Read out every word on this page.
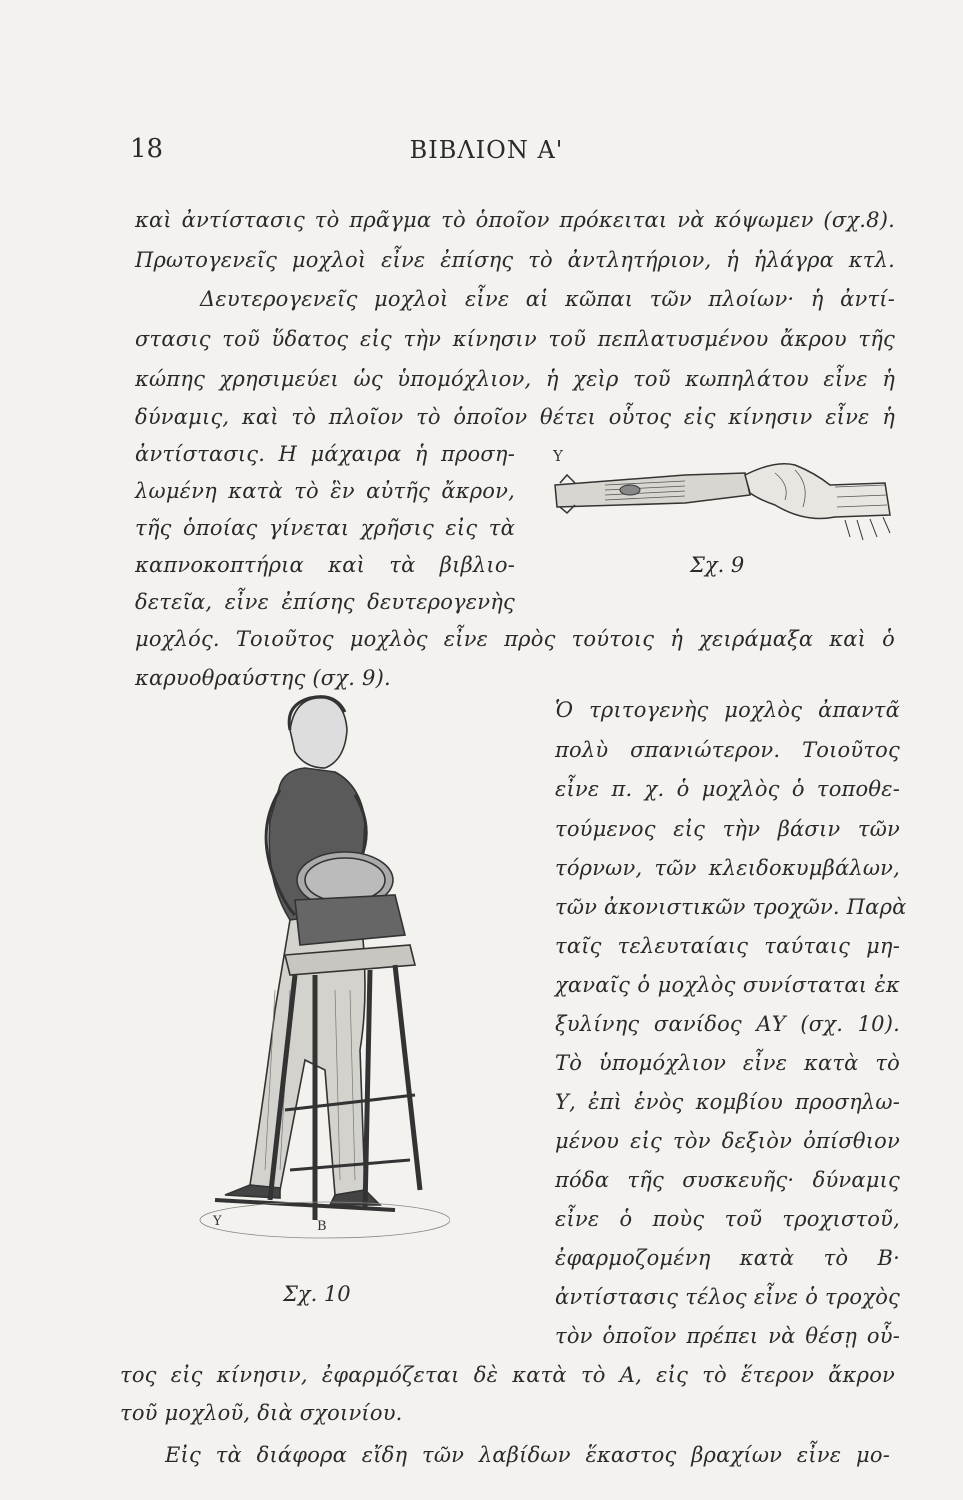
18	ΒΙΒΛΙΟΝ Α'
καὶ ἀντίστασις τὸ πρᾶγμα τὸ ὁποῖον πρόκειται νὰ κόψωμεν (σχ.8).
Πρωτογενεῖς μοχλοὶ εἶνε ἐπίσης τὸ ἀντλητήριον, ἡ ἡλάγρα κτλ.
Δευτερογενεῖς μοχλοὶ εἶνε αἱ κῶπαι τῶν πλοίων· ἡ ἀντί-
στασις τοῦ ὕδατος εἰς τὴν κίνησιν τοῦ πεπλατυσμένου ἄκρου τῆς
κώπης χρησιμεύει ὡς ὑπομόχλιον, ἡ χεὶρ τοῦ κωπηλάτου εἶνε ἡ
δύναμις, καὶ τὸ πλοῖον τὸ ὁποῖον θέτει οὗτος εἰς κίνησιν εἶνε ἡ
ἀντίστασις. Η μάχαιρα ἡ προση-
λωμένη κατὰ τὸ ἓν αὐτῆς ἄκρον,
τῆς ὁποίας γίνεται χρῆσις εἰς τὰ
καπνοκοπτήρια καὶ τὰ βιβλιο-
δετεῖα, εἶνε ἐπίσης δευτερογενὴς
μοχλός. Τοιοῦτος μοχλὸς εἶνε πρὸς τούτοις ἡ χειράμαξα καὶ ὁ
καρυοθραύστης (σχ. 9).
Ὁ τριτογενὴς μοχλὸς ἀπαντᾶ
πολὺ σπανιώτερον. Τοιοῦτος
εἶνε π. χ. ὁ μοχλὸς ὁ τοποθε-
τούμενος εἰς τὴν βάσιν τῶν
τόρνων, τῶν κλειδοκυμβάλων,
τῶν ἀκονιστικῶν τροχῶν. Παρὰ
ταῖς τελευταίαις ταύταις μη-
χαναῖς ὁ μοχλὸς συνίσταται ἐκ
ξυλίνης σανίδος ΑΥ (σχ. 10).
Τὸ ὑπομόχλιον εἶνε κατὰ τὸ
Υ, ἐπὶ ἑνὸς κομβίου προσηλω-
μένου εἰς τὸν δεξιὸν ὀπίσθιον
πόδα τῆς συσκευῆς· δύναμις
εἶνε ὁ ποὺς τοῦ τροχιστοῦ,
ἐφαρμοζομένη κατὰ τὸ Β·
ἀντίστασις τέλος εἶνε ὁ τροχὸς
τὸν ὁποῖον πρέπει νὰ θέσῃ οὗ-
τος εἰς κίνησιν, ἐφαρμόζεται δὲ κατὰ τὸ Α, εἰς τὸ ἕτερον ἄκρον
τοῦ μοχλοῦ, διὰ σχοινίου.
Εἰς τὰ διάφορα εἴδη τῶν λαβίδων ἕκαστος βραχίων εἶνε μο-
Υ
Σχ. 9
Υ	Β
Σχ. 10
